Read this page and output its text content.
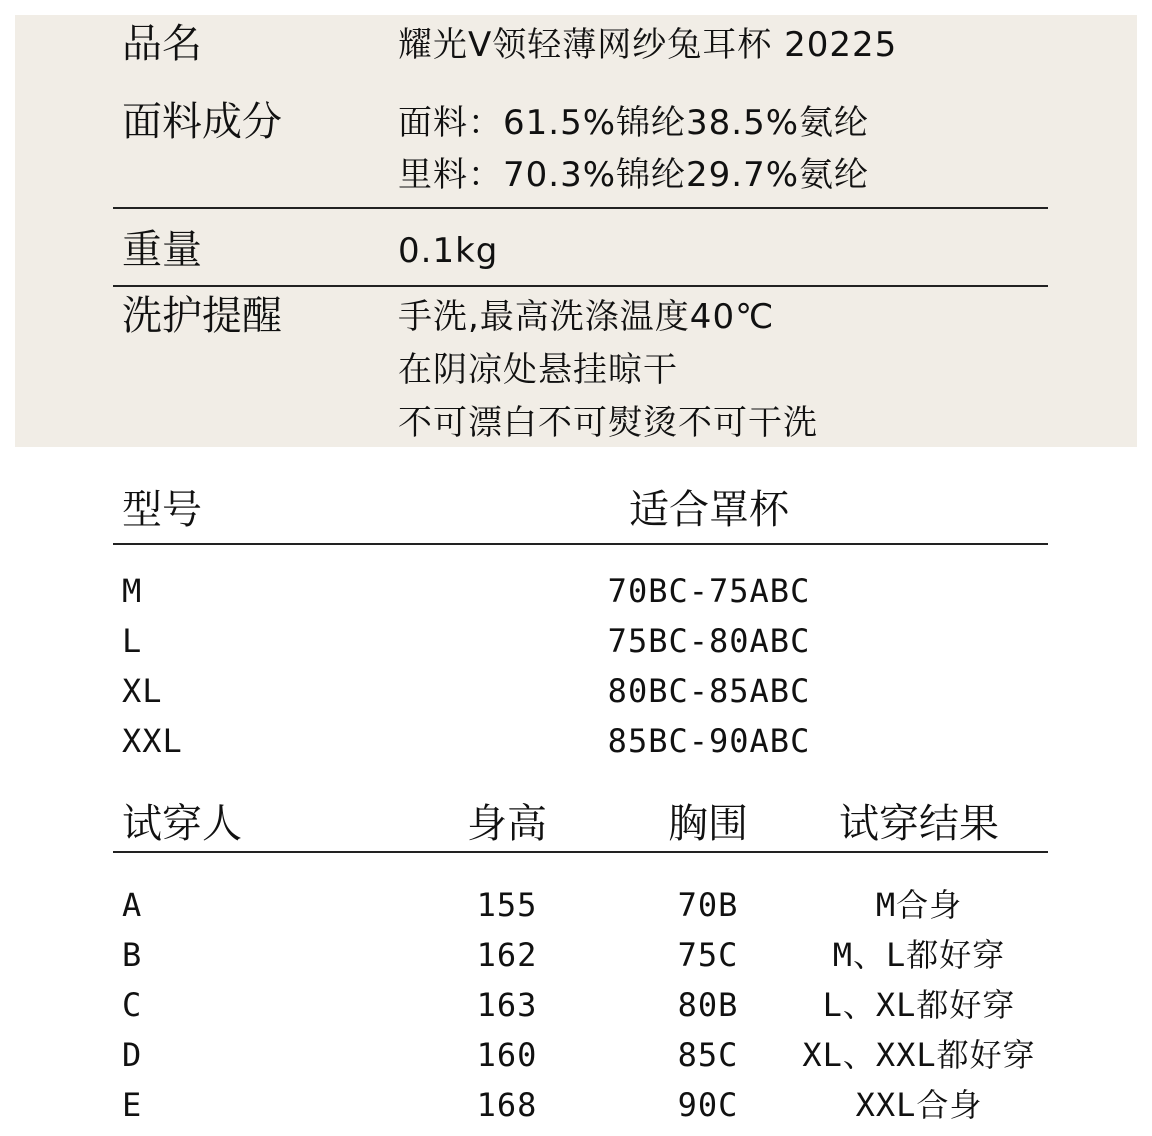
品名	耀光V领轻薄网纱兔耳杯 20225
面料成分	面料：61.5%锦纶38.5%氨纶
里料：70.3%锦纶29.7%氨纶
重量	0.1kg
洗护提醒	手洗,最高洗涤温度40℃
在阴凉处悬挂晾干
不可漂白不可熨烫不可干洗
型号	适合罩杯
M	70BC-75ABC
L	75BC-80ABC
XL	80BC-85ABC
XXL	85BC-90ABC
试穿人	身高	胸围 试穿结果
A	155	70B	M合身
B	162	75C	M、L都好穿
C	163	80B	L、XL都好穿
D	160	85C XL、XXL都好穿
E	168	90C	XXL合身
